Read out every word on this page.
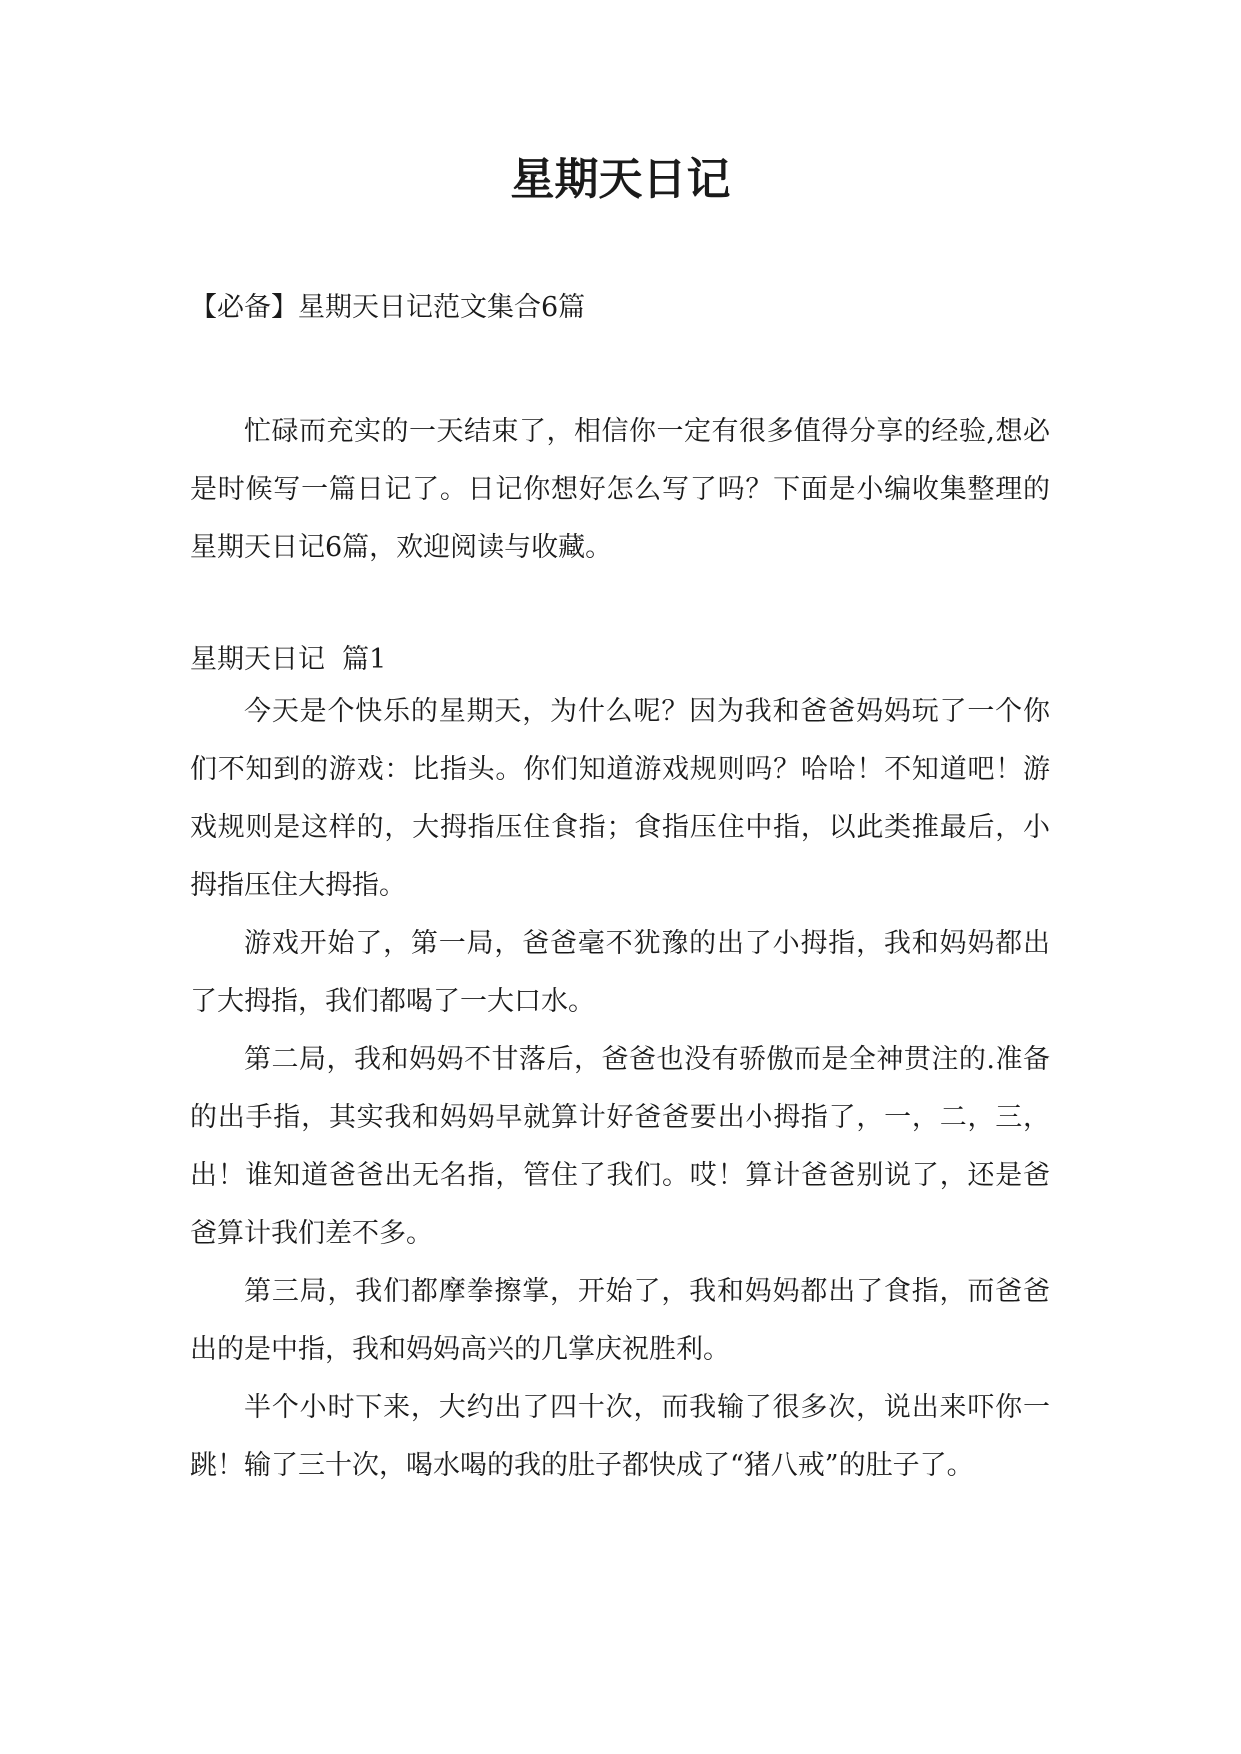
星期天日记

【必备】星期天日记范文集合6篇

忙碌而充实的一天结束了，相信你一定有很多值得分享的经验,想必是时候写一篇日记了。日记你想好怎么写了吗？下面是小编收集整理的星期天日记6篇，欢迎阅读与收藏。

星期天日记  篇1

今天是个快乐的星期天，为什么呢？因为我和爸爸妈妈玩了一个你们不知到的游戏：比指头。你们知道游戏规则吗？哈哈！不知道吧！游戏规则是这样的，大拇指压住食指；食指压住中指，以此类推最后，小拇指压住大拇指。

游戏开始了，第一局，爸爸毫不犹豫的出了小拇指，我和妈妈都出了大拇指，我们都喝了一大口水。

第二局，我和妈妈不甘落后，爸爸也没有骄傲而是全神贯注的.准备的出手指，其实我和妈妈早就算计好爸爸要出小拇指了，一，二，三，出！谁知道爸爸出无名指，管住了我们。哎！算计爸爸别说了，还是爸爸算计我们差不多。

第三局，我们都摩拳擦掌，开始了，我和妈妈都出了食指，而爸爸出的是中指，我和妈妈高兴的几掌庆祝胜利。

半个小时下来，大约出了四十次，而我输了很多次，说出来吓你一跳！输了三十次，喝水喝的我的肚子都快成了“猪八戒”的肚子了。
